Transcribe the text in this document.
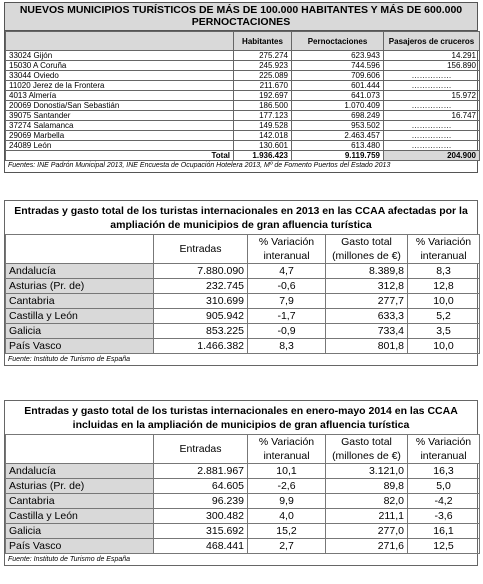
NUEVOS MUNICIPIOS TURÍSTICOS DE MÁS DE 100.000 HABITANTES Y MÁS DE 600.000 PERNOCTACIONES
	Habitantes	Pernoctaciones	Pasajeros de cruceros
33024 Gijón	275.274	623.943	14.291
15030 A Coruña	245.923	744.596	156.890
33044 Oviedo	225.089	709.606	……………
11020 Jerez de la Frontera	211.670	601.444	……………
4013 Almería	192.697	641.073	15.972
20069 Donostia/San Sebastián	186.500	1.070.409	……………
39075 Santander	177.123	698.249	16.747
37274 Salamanca	149.528	953.502	……………
29069 Marbella	142.018	2.463.457	……………
24089 León	130.601	613.480	……………
Total	1.936.423	9.119.759	204.900
Fuentes: INE Padrón Municipal 2013, INE Encuesta de Ocupación Hotelera 2013, Mº de Fomento Puertos del Estado 2013
Entradas y gasto total de los turistas internacionales en 2013 en las CCAA afectadas por la ampliación de municipios de gran afluencia turística
	Entradas	% Variación	Gasto total	% Variación
		interanual	(millones de €)	interanual
Andalucía	7.880.090	4,7	8.389,8	8,3
Asturias (Pr. de)	232.745	-0,6	312,8	12,8
Cantabria	310.699	7,9	277,7	10,0
Castilla y León	905.942	-1,7	633,3	5,2
Galicia	853.225	-0,9	733,4	3,5
País Vasco	1.466.382	8,3	801,8	10,0
Fuente: Instituto de Turismo de España
Entradas y gasto total de los turistas internacionales en enero-mayo 2014 en las CCAA incluidas en la ampliación de municipios de gran afluencia turística
	Entradas	% Variación	Gasto total	% Variación
		interanual	(millones de €)	interanual
Andalucía	2.881.967	10,1	3.121,0	16,3
Asturias (Pr. de)	64.605	-2,6	89,8	5,0
Cantabria	96.239	9,9	82,0	-4,2
Castilla y León	300.482	4,0	211,1	-3,6
Galicia	315.692	15,2	277,0	16,1
País Vasco	468.441	2,7	271,6	12,5
Fuente: Instituto de Turismo de España
